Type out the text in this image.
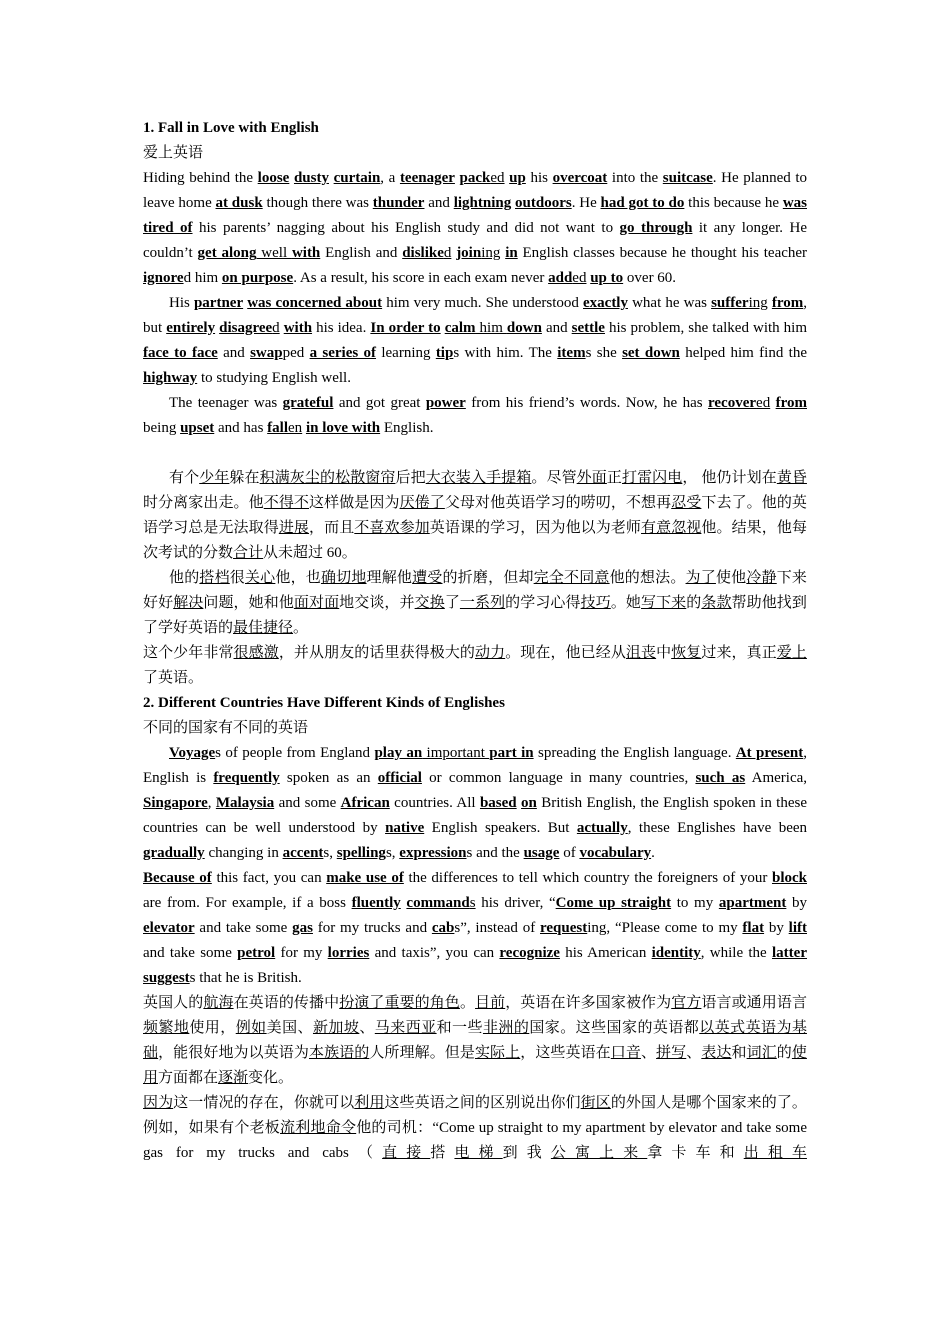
1. Fall in Love with English

爱上英语

Hiding behind the loose dusty curtain, a teenager packed up his overcoat into the suitcase. He planned to leave home at dusk though there was thunder and lightning outdoors. He had got to do this because he was tired of his parents’ nagging about his English study and did not want to go through it any longer. He couldn’t get along well with English and disliked joining in English classes because he thought his teacher ignored him on purpose. As a result, his score in each exam never added up to over 60.

His partner was concerned about him very much. She understood exactly what he was suffering from, but entirely disagreed with his idea. In order to calm him down and settle his problem, she talked with him face to face and swapped a series of learning tips with him. The items she set down helped him find the highway to studying English well.

The teenager was grateful and got great power from his friend’s words. Now, he has recovered from being upset and has fallen in love with English.

有个少年躲在积满灰尘的松散窗帘后把大衣装入手提箱。尽管外面正打雷闪电， 他仍计划在黄昏时分离家出走。他不得不这样做是因为厌倦了父母对他英语学习的唠叨，不想再忍受下去了。他的英语学习总是无法取得进展，而且不喜欢参加英语课的学习，因为他以为老师有意忽视他。结果，他每次考试的分数合计从未超过 60。

他的搭档很关心他，也确切地理解他遭受的折磨，但却完全不同意他的想法。为了使他冷静下来好好解决问题，她和他面对面地交谈，并交换了一系列的学习心得技巧。她写下来的条款帮助他找到了学好英语的最佳捷径。

这个少年非常很感激，并从朋友的话里获得极大的动力。现在，他已经从沮丧中恢复过来，真正爱上了英语。

2. Different Countries Have Different Kinds of Englishes

不同的国家有不同的英语

Voyages of people from England play an important part in spreading the English language. At present, English is frequently spoken as an official or common language in many countries, such as America, Singapore, Malaysia and some African countries. All based on British English, the English spoken in these countries can be well understood by native English speakers. But actually, these Englishes have been gradually changing in accents, spellings, expressions and the usage of vocabulary.

Because of this fact, you can make use of the differences to tell which country the foreigners of your block are from. For example, if a boss fluently commands his driver, “Come up straight to my apartment by elevator and take some gas for my trucks and cabs”, instead of requesting, “Please come to my flat by lift and take some petrol for my lorries and taxis”, you can recognize his American identity, while the latter suggests that he is British.

英国人的航海在英语的传播中扮演了重要的角色。目前，英语在许多国家被作为官方语言或通用语言频繁地使用，例如美国、新加坡、马来西亚和一些非洲的国家。这些国家的英语都以英式英语为基础，能很好地为以英语为本族语的人所理解。但是实际上，这些英语在口音、拼写、表达和词汇的使用方面都在逐渐变化。

因为这一情况的存在，你就可以利用这些英语之间的区别说出你们街区的外国人是哪个国家来的了。例如，如果有个老板流利地命令他的司机：“Come up straight to my apartment by elevator and take some gas for my trucks and cabs（直接搭电梯到我公寓上来拿卡车和出租车
